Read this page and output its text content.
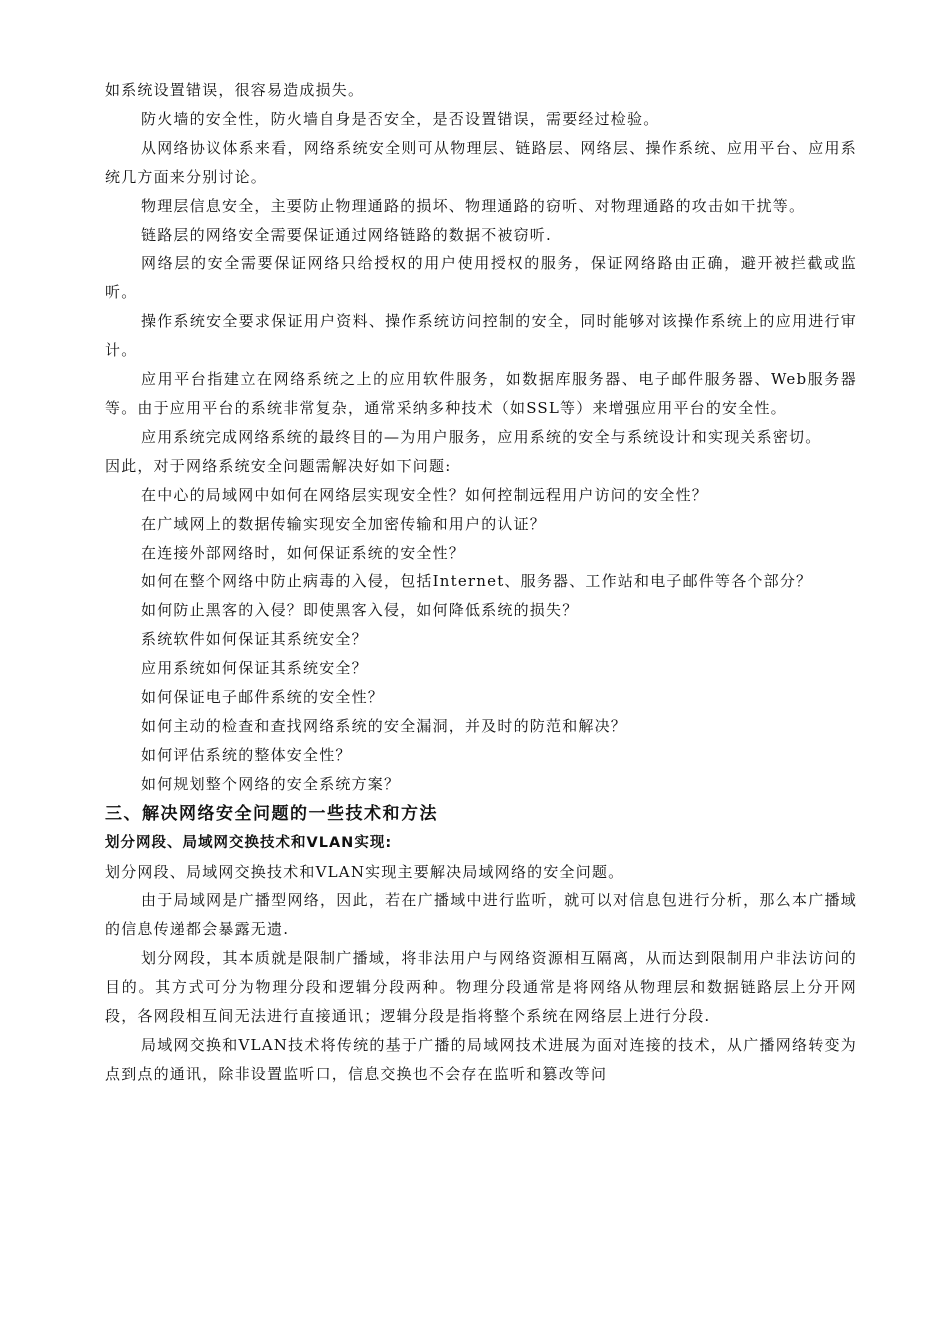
如系统设置错误，很容易造成损失。

防火墙的安全性，防火墙自身是否安全，是否设置错误，需要经过检验。

从网络协议体系来看，网络系统安全则可从物理层、链路层、网络层、操作系统、应用平台、应用系统几方面来分别讨论。

物理层信息安全，主要防止物理通路的损坏、物理通路的窃听、对物理通路的攻击如干扰等。

链路层的网络安全需要保证通过网络链路的数据不被窃听.

网络层的安全需要保证网络只给授权的用户使用授权的服务，保证网络路由正确，避开被拦截或监听。

操作系统安全要求保证用户资料、操作系统访问控制的安全，同时能够对该操作系统上的应用进行审计。

应用平台指建立在网络系统之上的应用软件服务，如数据库服务器、电子邮件服务器、Web服务器等。由于应用平台的系统非常复杂，通常采纳多种技术（如SSL等）来增强应用平台的安全性。

应用系统完成网络系统的最终目的—为用户服务，应用系统的安全与系统设计和实现关系密切。

因此，对于网络系统安全问题需解决好如下问题:

在中心的局域网中如何在网络层实现安全性？如何控制远程用户访问的安全性？

在广域网上的数据传输实现安全加密传输和用户的认证？

在连接外部网络时，如何保证系统的安全性？

如何在整个网络中防止病毒的入侵，包括Internet、服务器、工作站和电子邮件等各个部分？

如何防止黑客的入侵？即使黑客入侵，如何降低系统的损失？

系统软件如何保证其系统安全？

应用系统如何保证其系统安全？

如何保证电子邮件系统的安全性？

如何主动的检查和查找网络系统的安全漏洞，并及时的防范和解决？

如何评估系统的整体安全性？

如何规划整个网络的安全系统方案？

三、解决网络安全问题的一些技术和方法

划分网段、局域网交换技术和VLAN实现:

划分网段、局域网交换技术和VLAN实现主要解决局域网络的安全问题。

由于局域网是广播型网络，因此，若在广播域中进行监听，就可以对信息包进行分析，那么本广播域的信息传递都会暴露无遗.

划分网段，其本质就是限制广播域，将非法用户与网络资源相互隔离，从而达到限制用户非法访问的目的。其方式可分为物理分段和逻辑分段两种。物理分段通常是将网络从物理层和数据链路层上分开网段，各网段相互间无法进行直接通讯；逻辑分段是指将整个系统在网络层上进行分段.

局域网交换和VLAN技术将传统的基于广播的局域网技术进展为面对连接的技术，从广播网络转变为点到点的通讯，除非设置监听口，信息交换也不会存在监听和篡改等问
